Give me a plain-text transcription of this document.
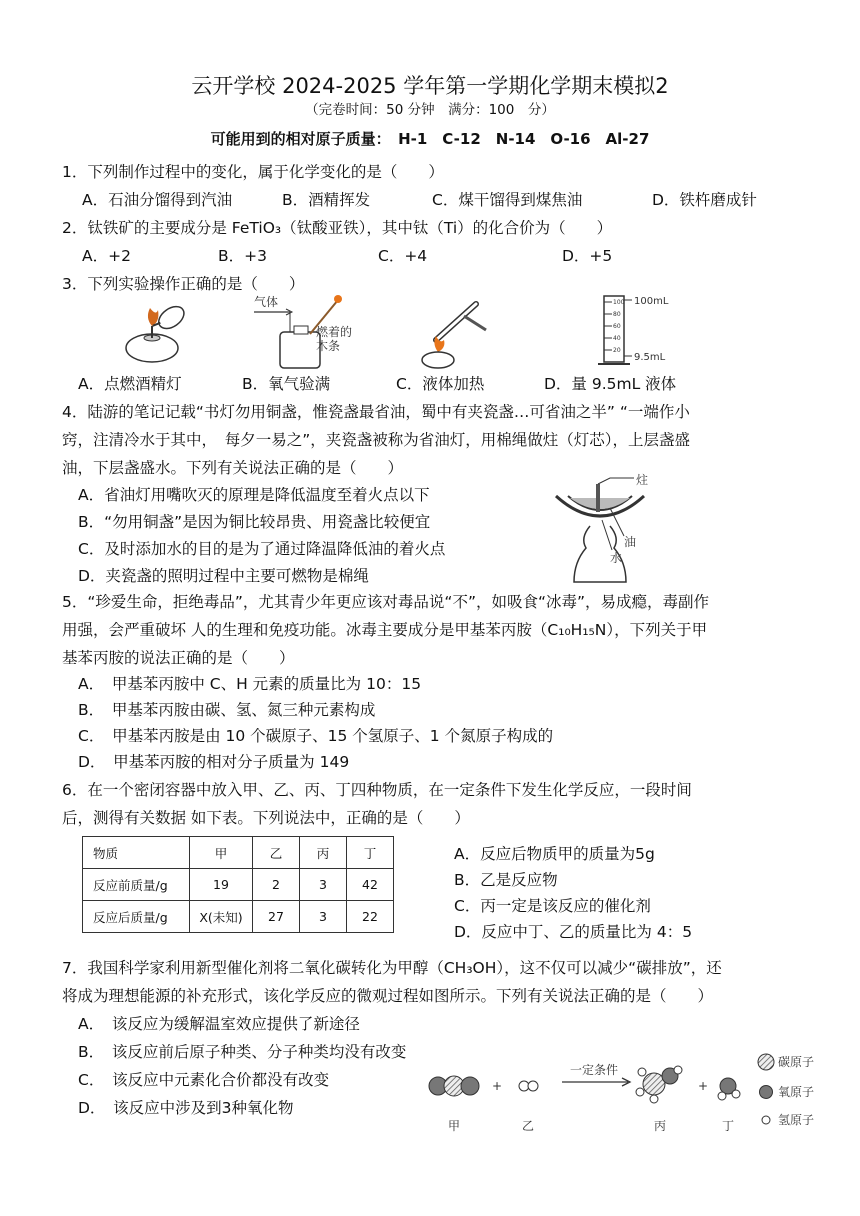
云开学校 2024-2025 学年第一学期化学期末模拟2
（完卷时间：50 分钟　满分：100　分）
可能用到的相对原子质量：　H-1　C-12　N-14　O-16　Al-27
1．下列制作过程中的变化，属于化学变化的是（　　）
A．石油分馏得到汽油	B．酒精挥发	C．煤干馏得到煤焦油	D．铁杵磨成针
2．钛铁矿的主要成分是 FeTiO₃（钛酸亚铁），其中钛（Ti）的化合价为（　　）
A．+2	B．+3	C．+4	D．+5
3．下列实验操作正确的是（　　）
A．点燃酒精灯
气体
燃着的
木条
B．氧气验满	C．液体加热
100
80
60
40
20
100mL
9.5mL
D．量 9.5mL 液体
4．陆游的笔记记载“书灯勿用铜盏，惟瓷盏最省油，蜀中有夹瓷盏…可省油之半” “一端作小
窍，注清冷水于其中，　每夕一易之”，夹瓷盏被称为省油灯，用棉绳做炷（灯芯），上层盏盛
油，下层盏盛水。下列有关说法正确的是（　　）
A．省油灯用嘴吹灭的原理是降低温度至着火点以下
B．“勿用铜盏”是因为铜比较昂贵、用瓷盏比较便宜
C．及时添加水的目的是为了通过降温降低油的着火点
D．夹瓷盏的照明过程中主要可燃物是棉绳
炷
油
水
5．“珍爱生命，拒绝毒品”，尤其青少年更应该对毒品说“不”，如吸食“冰毒”，易成瘾，毒副作
用强，会严重破坏 人的生理和免疫功能。冰毒主要成分是甲基苯丙胺（C₁₀H₁₅N），下列关于甲
基苯丙胺的说法正确的是（　　）
A．　甲基苯丙胺中 C、H 元素的质量比为 10：15
B．　甲基苯丙胺由碳、氢、氮三种元素构成
C．　甲基苯丙胺是由 10 个碳原子、15 个氢原子、1 个氮原子构成的
D．　甲基苯丙胺的相对分子质量为 149
6．在一个密闭容器中放入甲、乙、丙、丁四种物质，在一定条件下发生化学反应，一段时间
后，测得有关数据 如下表。下列说法中，正确的是（　　）
物质	甲	乙	丙	丁
反应前质量/g	19	2	3	42
反应后质量/g	X(未知)	27	3	22
A．反应后物质甲的质量为5g
B．乙是反应物
C．丙一定是该反应的催化剂
D．反应中丁、乙的质量比为 4：5
7．我国科学家利用新型催化剂将二氧化碳转化为甲醇（CH₃OH），这不仅可以减少“碳排放”，还
将成为理想能源的补充形式，该化学反应的微观过程如图所示。下列有关说法正确的是（　　）
A．　该反应为缓解温室效应提供了新途径
B．　该反应前后原子种类、分子种类均没有改变
C．　该反应中元素化合价都没有改变
D．　该反应中涉及到3种氧化物
甲
+
乙
一定条件
丙
+
丁
碳原子
氧原子
氢原子
